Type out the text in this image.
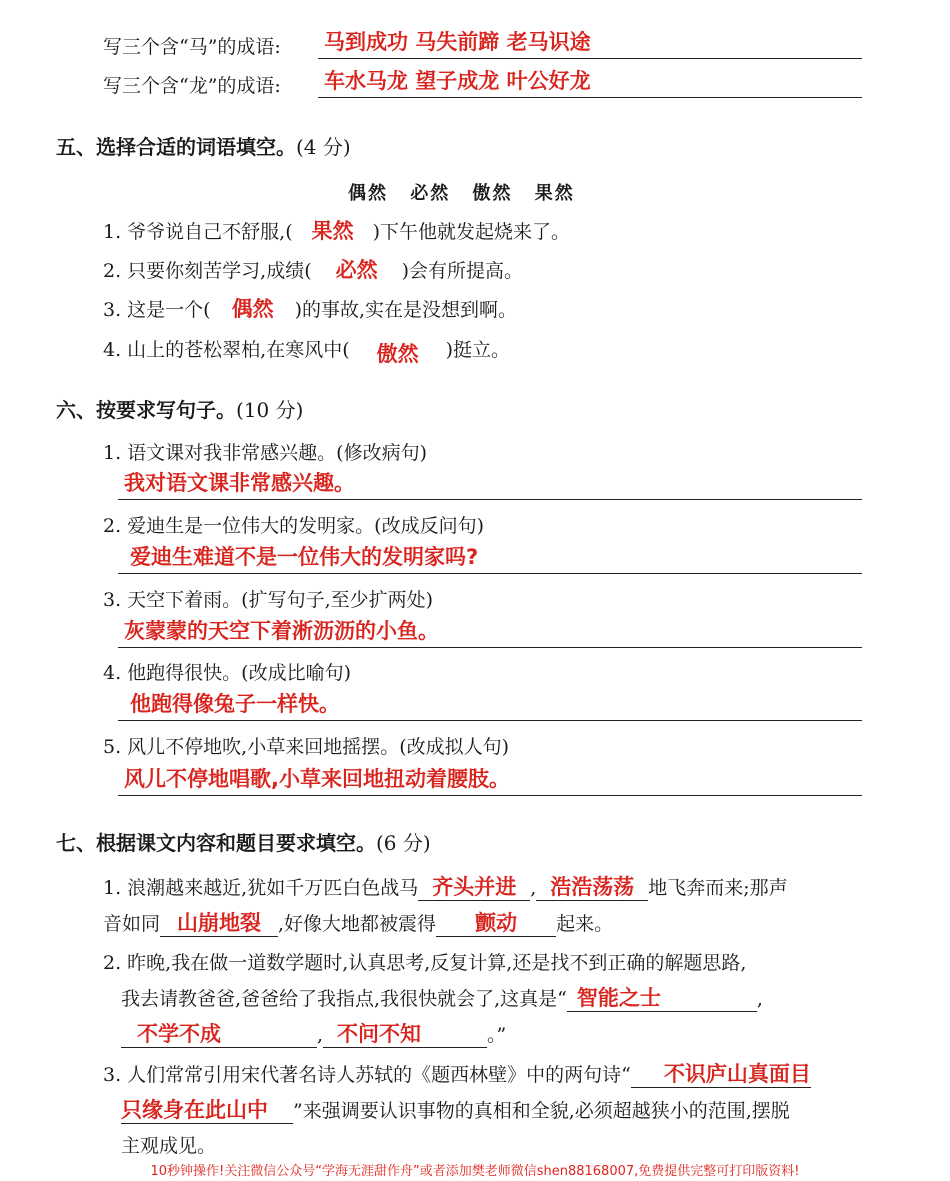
写三个含“马”的成语: 马到成功 马失前蹄 老马识途
写三个含“龙”的成语: 车水马龙 望子成龙 叶公好龙
五、选择合适的词语填空。(4 分)
偶然 必然 傲然 果然
1. 爷爷说自己不舒服,( 果然 )下午他就发起烧来了。
2. 只要你刻苦学习,成绩( 必然 )会有所提高。
3. 这是一个( 偶然 )的事故,实在是没想到啊。
4. 山上的苍松翠柏,在寒风中( 傲然 )挺立。
六、按要求写句子。(10 分)
1. 语文课对我非常感兴趣。(修改病句)
我对语文课非常感兴趣。
2. 爱迪生是一位伟大的发明家。(改成反问句)
爱迪生难道不是一位伟大的发明家吗?
3. 天空下着雨。(扩写句子,至少扩两处)
灰蒙蒙的天空下着淅沥沥的小鱼。
4. 他跑得很快。(改成比喻句)
他跑得像兔子一样快。
5. 风儿不停地吹,小草来回地摇摆。(改成拟人句)
风儿不停地唱歌,小草来回地扭动着腰肢。
七、根据课文内容和题目要求填空。(6 分)
1. 浪潮越来越近,犹如千万匹白色战马 齐头并进 , 浩浩荡荡 地飞奔而来;那声
音如同 山崩地裂 ,好像大地都被震得 颤动 起来。
2. 昨晚,我在做一道数学题时,认真思考,反复计算,还是找不到正确的解题思路,
我去请教爸爸,爸爸给了我指点,我很快就会了,这真是“ 智能之士	,
不学不成	, 不问不知	。”
3. 人们常常引用宋代著名诗人苏轼的《题西林壁》中的两句诗“ 不识庐山真面目
只缘身在此山中 ”来强调要认识事物的真相和全貌,必须超越狭小的范围,摆脱
主观成见。
10秒钟操作!关注微信公众号“学海无涯甜作舟”或者添加樊老师微信shen88168007,免费提供完整可打印版资料!
